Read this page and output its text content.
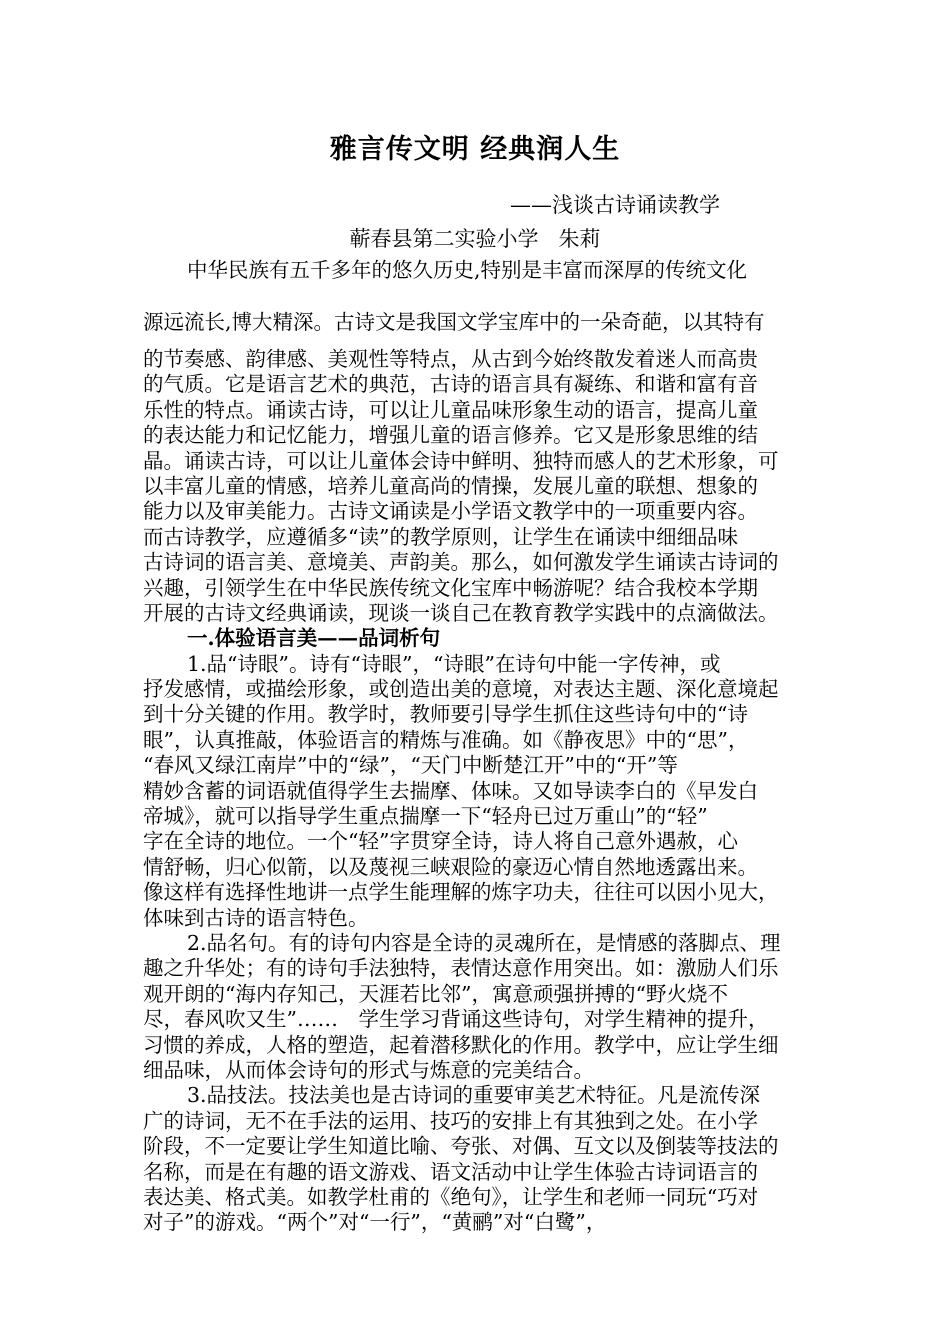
雅言传文明 经典润人生
——浅谈古诗诵读教学
蕲春县第二实验小学   朱莉
中华民族有五千多年的悠久历史,特别是丰富而深厚的传统文化
源远流长,博大精深。古诗文是我国文学宝库中的一朵奇葩，以其特有
的节奏感、韵律感、美观性等特点，从古到今始终散发着迷人而高贵
的气质。它是语言艺术的典范，古诗的语言具有凝练、和谐和富有音
乐性的特点。诵读古诗，可以让儿童品味形象生动的语言，提高儿童
的表达能力和记忆能力，增强儿童的语言修养。它又是形象思维的结
晶。诵读古诗，可以让儿童体会诗中鲜明、独特而感人的艺术形象，可
以丰富儿童的情感，培养儿童高尚的情操，发展儿童的联想、想象的
能力以及审美能力。古诗文诵读是小学语文教学中的一项重要内容。
而古诗教学，应遵循多“读”的教学原则，让学生在诵读中细细品味
古诗词的语言美、意境美、声韵美。那么，如何激发学生诵读古诗词的
兴趣，引领学生在中华民族传统文化宝库中畅游呢？结合我校本学期
开展的古诗文经典诵读，现谈一谈自己在教育教学实践中的点滴做法。
一.体验语言美——品词析句
1.品“诗眼”。诗有“诗眼”，“诗眼”在诗句中能一字传神，或
抒发感情，或描绘形象，或创造出美的意境，对表达主题、深化意境起
到十分关键的作用。教学时，教师要引导学生抓住这些诗句中的“诗
眼”，认真推敲，体验语言的精炼与准确。如《静夜思》中的“思”，
“春风又绿江南岸”中的“绿”，“天门中断楚江开”中的“开”等
精妙含蓄的词语就值得学生去揣摩、体味。又如导读李白的《早发白
帝城》，就可以指导学生重点揣摩一下“轻舟已过万重山”的“轻”
字在全诗的地位。一个“轻”字贯穿全诗，诗人将自己意外遇赦，心
情舒畅，归心似箭，以及蔑视三峡艰险的豪迈心情自然地透露出来。
像这样有选择性地讲一点学生能理解的炼字功夫，往往可以因小见大，
体味到古诗的语言特色。
2.品名句。有的诗句内容是全诗的灵魂所在，是情感的落脚点、理
趣之升华处；有的诗句手法独特，表情达意作用突出。如：激励人们乐
观开朗的“海内存知己，天涯若比邻”，寓意顽强拼搏的“野火烧不
尽，春风吹又生”……　学生学习背诵这些诗句，对学生精神的提升，
习惯的养成，人格的塑造，起着潜移默化的作用。教学中，应让学生细
细品味，从而体会诗句的形式与炼意的完美结合。
3.品技法。技法美也是古诗词的重要审美艺术特征。凡是流传深
广的诗词，无不在手法的运用、技巧的安排上有其独到之处。在小学
阶段，不一定要让学生知道比喻、夸张、对偶、互文以及倒装等技法的
名称，而是在有趣的语文游戏、语文活动中让学生体验古诗词语言的
表达美、格式美。如教学杜甫的《绝句》，让学生和老师一同玩“巧对
对子”的游戏。“两个”对“一行”，“黄鹂”对“白鹭”，
